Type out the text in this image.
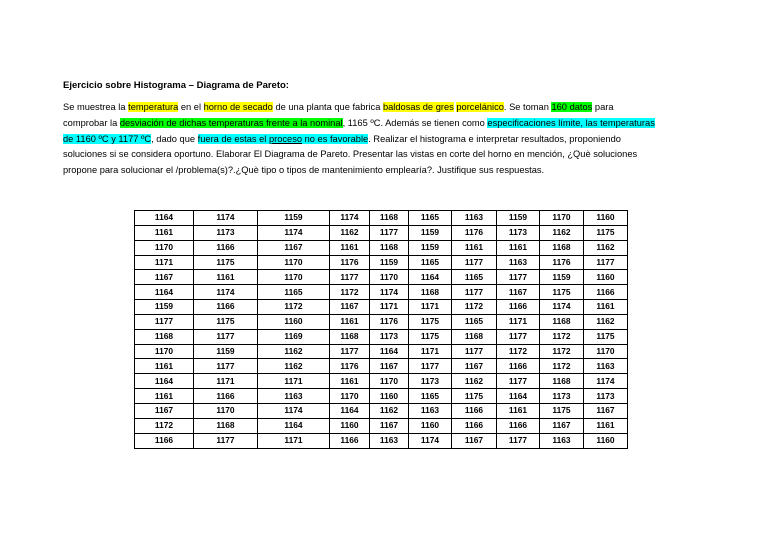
Ejercicio sobre Histograma – Diagrama de Pareto:
Se muestrea la temperatura en el horno de secado de una planta que fabrica baldosas de gres porcelánico. Se toman 160 datos para
comprobar la desviación de dichas temperaturas frente a la nominal, 1165 ºC. Además se tienen como especificaciones límite, las temperaturas
de 1160 ºC y 1177 ºC, dado que fuera de estas el proceso no es favorable. Realizar el histograma e interpretar resultados, proponiendo
soluciones si se considera oportuno. Elaborar El Diagrama de Pareto. Presentar las vistas en corte del horno en mención, ¿Què soluciones
propone para solucionar el /problema(s)?.¿Què tipo o tipos de mantenimiento emplearía?. Justifique sus respuestas.
1164	1174	1159	1174	1168	1165	1163	1159	1170	1160
1161	1173	1174	1162	1177	1159	1176	1173	1162	1175
1170	1166	1167	1161	1168	1159	1161	1161	1168	1162
1171	1175	1170	1176	1159	1165	1177	1163	1176	1177
1167	1161	1170	1177	1170	1164	1165	1177	1159	1160
1164	1174	1165	1172	1174	1168	1177	1167	1175	1166
1159	1166	1172	1167	1171	1171	1172	1166	1174	1161
1177	1175	1160	1161	1176	1175	1165	1171	1168	1162
1168	1177	1169	1168	1173	1175	1168	1177	1172	1175
1170	1159	1162	1177	1164	1171	1177	1172	1172	1170
1161	1177	1162	1176	1167	1177	1167	1166	1172	1163
1164	1171	1171	1161	1170	1173	1162	1177	1168	1174
1161	1166	1163	1170	1160	1165	1175	1164	1173	1173
1167	1170	1174	1164	1162	1163	1166	1161	1175	1167
1172	1168	1164	1160	1167	1160	1166	1166	1167	1161
1166	1177	1171	1166	1163	1174	1167	1177	1163	1160
